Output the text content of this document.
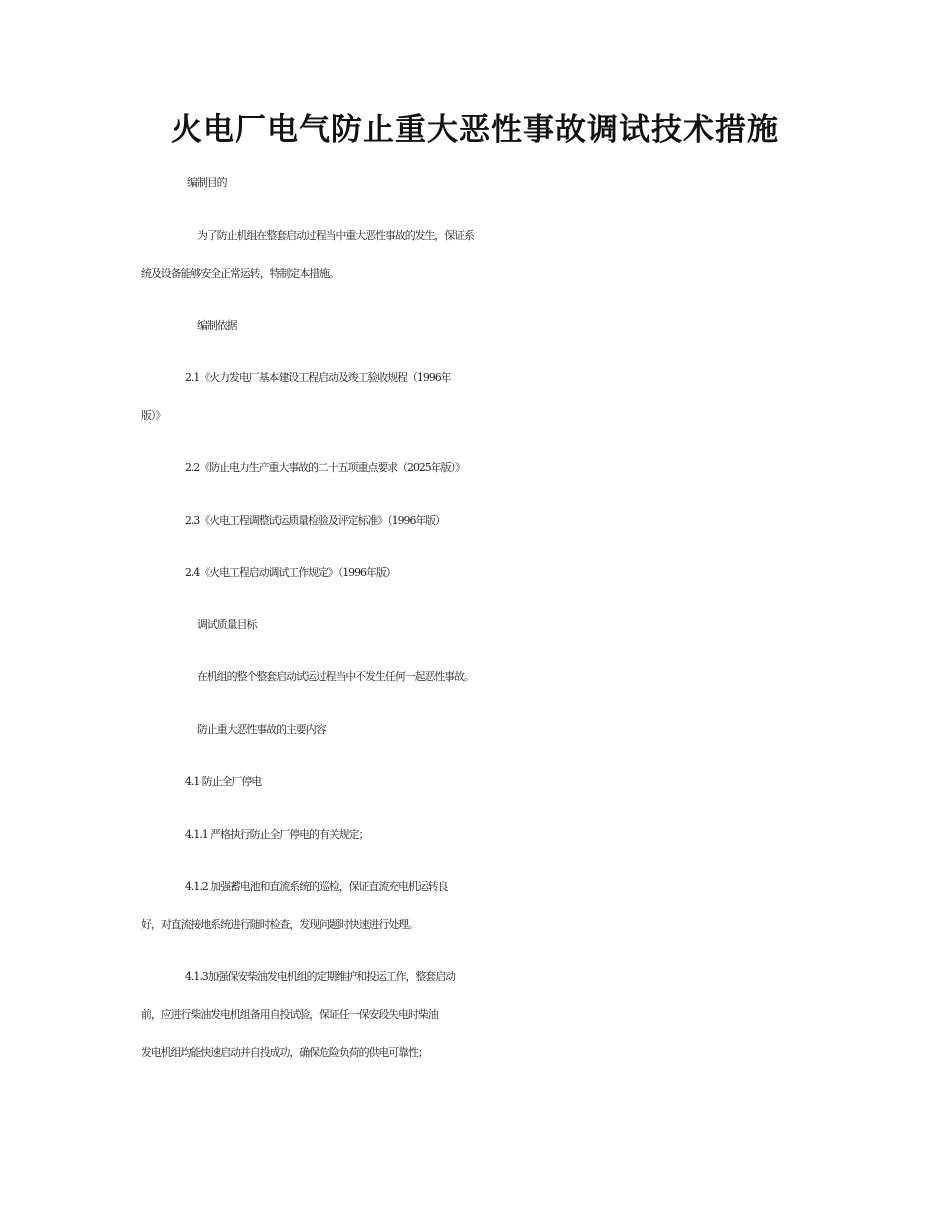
火电厂电气防止重大恶性事故调试技术措施
编制目的
为了防止机组在整套启动过程当中重大恶性事故的发生，保证系
统及设备能够安全正常运转，特制定本措施。
编制依据
2.1《火力发电厂基本建设工程启动及竣工验收规程（1996年
版）》
2.2《防止电力生产重大事故的二十五项重点要求（2025年版）》
2.3《火电工程调整试运质量检验及评定标准》（1996年版）
2.4《火电工程启动调试工作规定》（1996年版）
调试质量目标
在机组的整个整套启动试运过程当中不发生任何一起恶性事故。
防止重大恶性事故的主要内容
4.1 防止全厂停电
4.1.1 严格执行防止全厂停电的有关规定；
4.1.2 加强蓄电池和直流系统的巡检，保证直流充电机运转良
好，对直流接地系统进行随时检查，发现问题时快速进行处理。
4.1.3加强保安柴油发电机组的定期维护和投运工作，整套启动
前，应进行柴油发电机组备用自投试验，保证任一保安段失电时柴油
发电机组均能快速启动并自投成功，确保危险负荷的供电可靠性；
